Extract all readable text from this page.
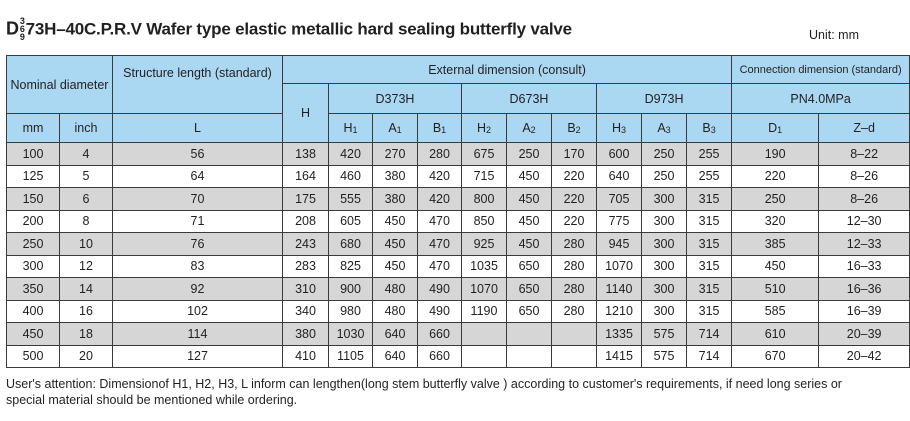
D3
6
973H–40C.P.R.V Wafer type elastic metallic hard sealing butterfly valve	Unit: mm
Nominal diameter		Structure length (standard)	External dimension (consult)										Connection dimension (standard)	
			H	D373H			D673H			D973H			PN4.0MPa	
mm	inch	L		H1	A1	B1	H2	A2	B2	H3	A3	B3	D1	Z–d
100	4	56	138	420	270	280	675	250	170	600	250	255	190	8–22
125	5	64	164	460	380	420	715	450	220	640	250	255	220	8–26
150	6	70	175	555	380	420	800	450	220	705	300	315	250	8–26
200	8	71	208	605	450	470	850	450	220	775	300	315	320	12–30
250	10	76	243	680	450	470	925	450	280	945	300	315	385	12–33
300	12	83	283	825	450	470	1035	650	280	1070	300	315	450	16–33
350	14	92	310	900	480	490	1070	650	280	1140	300	315	510	16–36
400	16	102	340	980	480	490	1190	650	280	1210	300	315	585	16–39
450	18	114	380	1030	640	660				1335	575	714	610	20–39
500	20	127	410	1105	640	660				1415	575	714	670	20–42
User's attention: Dimensionof H1, H2, H3, L inform can lengthen(long stem butterfly valve ) according to customer's requirements, if need long series or special material should be mentioned while ordering.
